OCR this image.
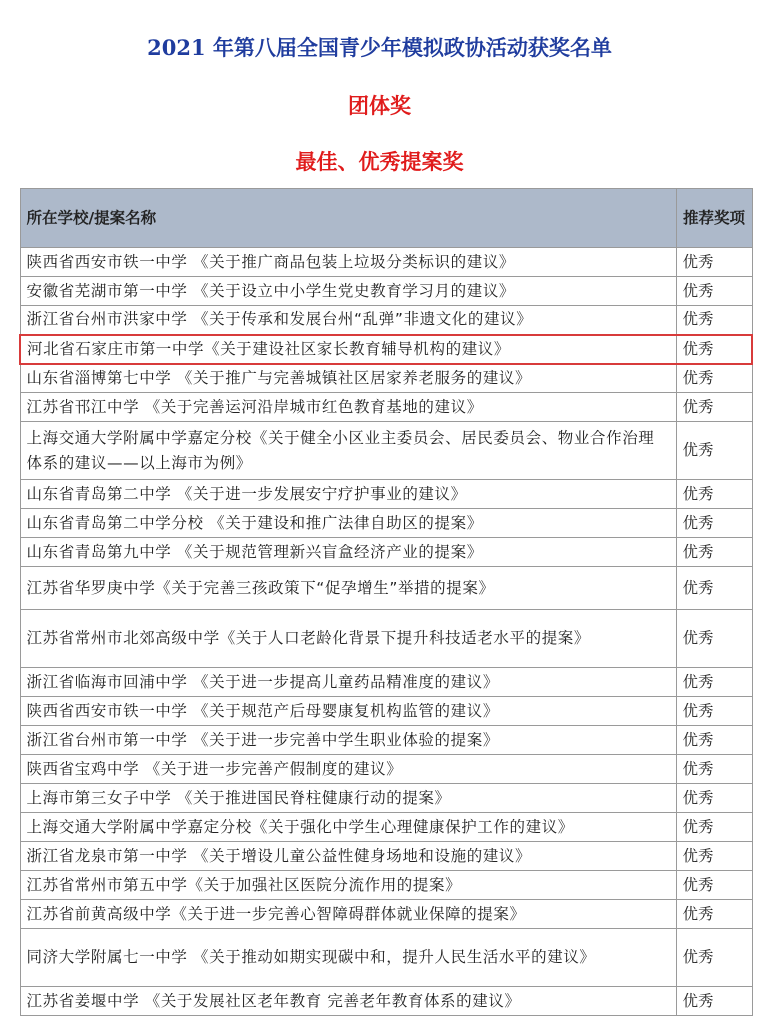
2021 年第八届全国青少年模拟政协活动获奖名单
团体奖
最佳、优秀提案奖
所在学校/提案名称	推荐奖项
陕西省西安市铁一中学 《关于推广商品包装上垃圾分类标识的建议》	优秀
安徽省芜湖市第一中学 《关于设立中小学生党史教育学习月的建议》	优秀
浙江省台州市洪家中学 《关于传承和发展台州“乱弹”非遗文化的建议》	优秀
河北省石家庄市第一中学《关于建设社区家长教育辅导机构的建议》	优秀
山东省淄博第七中学 《关于推广与完善城镇社区居家养老服务的建议》	优秀
江苏省邗江中学 《关于完善运河沿岸城市红色教育基地的建议》	优秀
上海交通大学附属中学嘉定分校《关于健全小区业主委员会、居民委员会、物业合作治理体系的建议——以上海市为例》	优秀
山东省青岛第二中学 《关于进一步发展安宁疗护事业的建议》	优秀
山东省青岛第二中学分校 《关于建设和推广法律自助区的提案》	优秀
山东省青岛第九中学 《关于规范管理新兴盲盒经济产业的提案》	优秀
江苏省华罗庚中学《关于完善三孩政策下“促孕增生”举措的提案》	优秀
江苏省常州市北郊高级中学《关于人口老龄化背景下提升科技适老水平的提案》	优秀
浙江省临海市回浦中学 《关于进一步提高儿童药品精准度的建议》	优秀
陕西省西安市铁一中学 《关于规范产后母婴康复机构监管的建议》	优秀
浙江省台州市第一中学 《关于进一步完善中学生职业体验的提案》	优秀
陕西省宝鸡中学 《关于进一步完善产假制度的建议》	优秀
上海市第三女子中学 《关于推进国民脊柱健康行动的提案》	优秀
上海交通大学附属中学嘉定分校《关于强化中学生心理健康保护工作的建议》	优秀
浙江省龙泉市第一中学 《关于增设儿童公益性健身场地和设施的建议》	优秀
江苏省常州市第五中学《关于加强社区医院分流作用的提案》	优秀
江苏省前黄高级中学《关于进一步完善心智障碍群体就业保障的提案》	优秀
同济大学附属七一中学 《关于推动如期实现碳中和，提升人民生活水平的建议》	优秀
江苏省姜堰中学 《关于发展社区老年教育 完善老年教育体系的建议》	优秀
